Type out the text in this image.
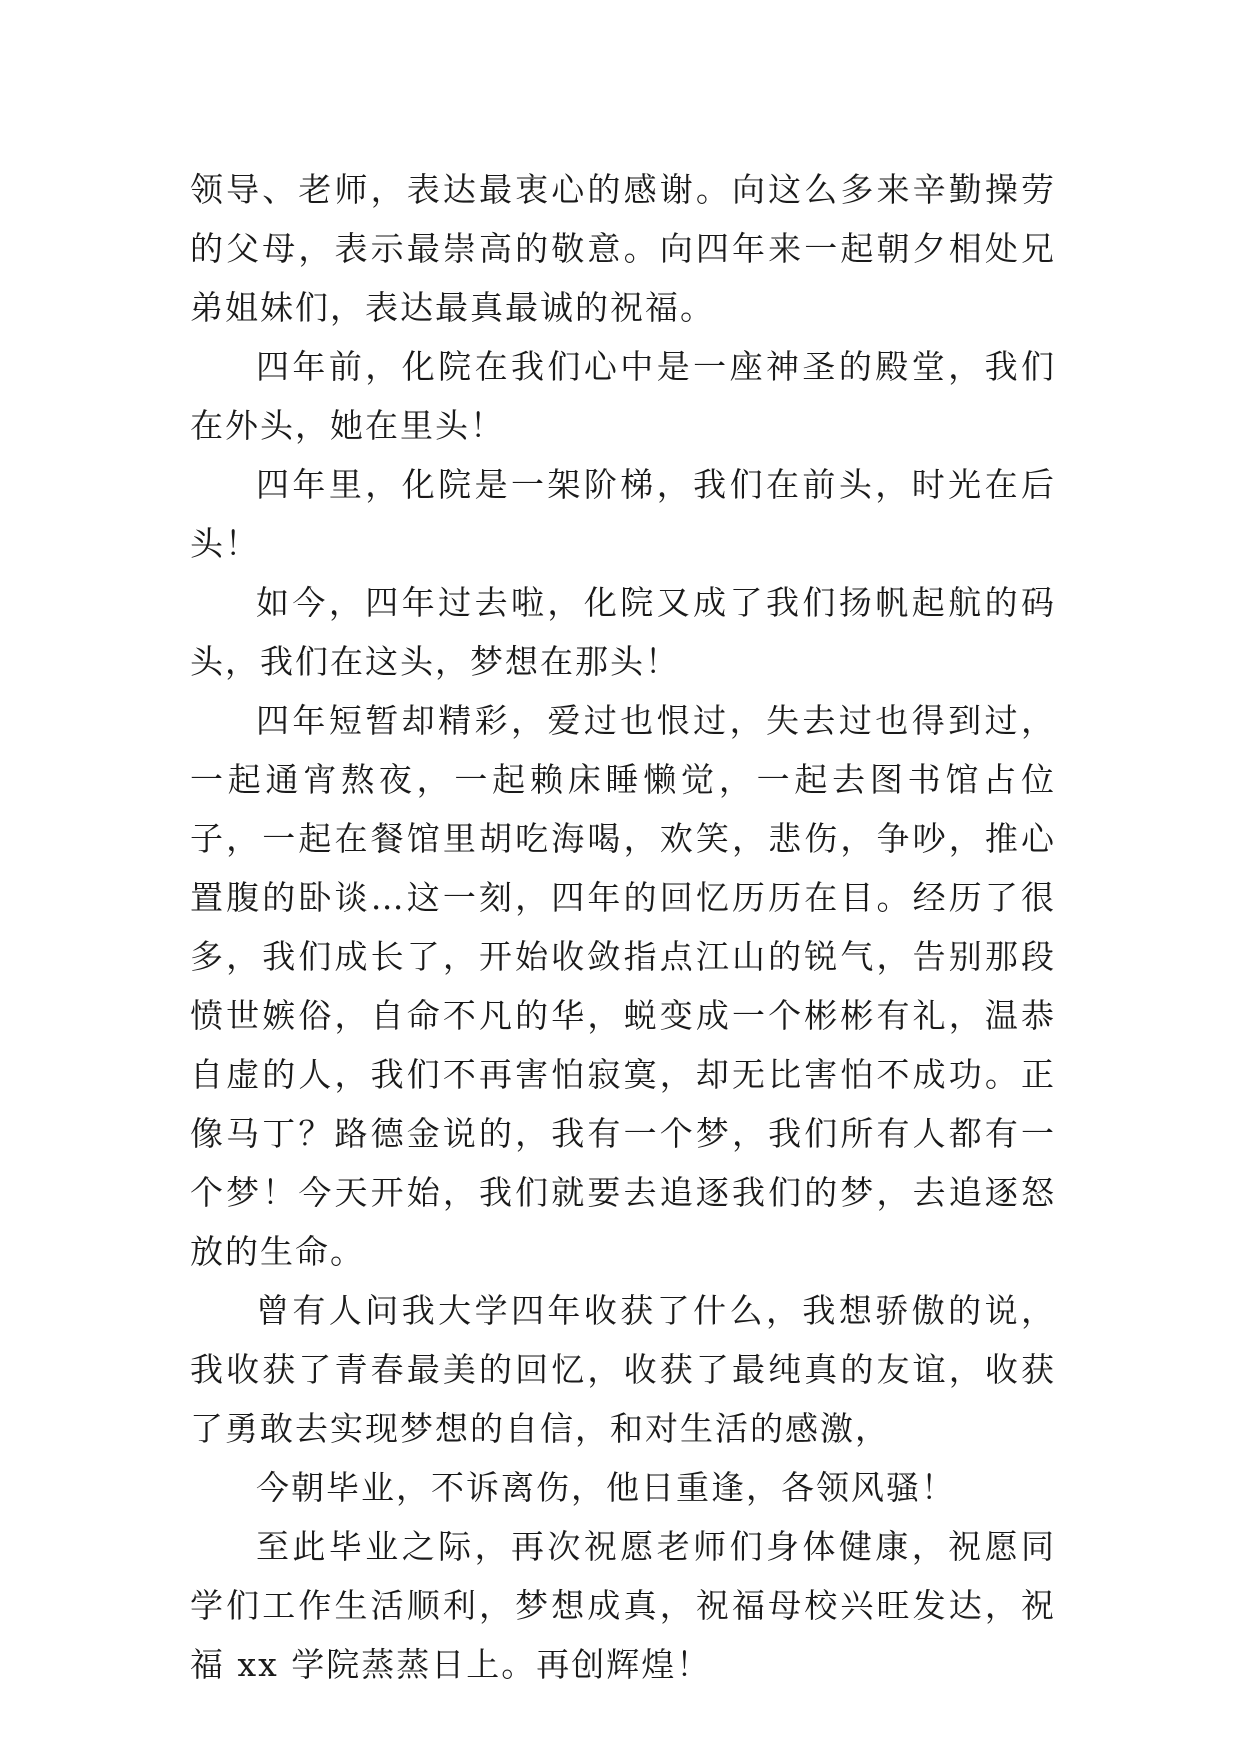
领导、老师，表达最衷心的感谢。向这么多来辛勤操劳的父母，表示最崇高的敬意。向四年来一起朝夕相处兄弟姐妹们，表达最真最诚的祝福。

四年前，化院在我们心中是一座神圣的殿堂，我们在外头，她在里头！

四年里，化院是一架阶梯，我们在前头，时光在后头！

如今，四年过去啦，化院又成了我们扬帆起航的码头，我们在这头，梦想在那头！

四年短暂却精彩，爱过也恨过，失去过也得到过，一起通宵熬夜，一起赖床睡懒觉，一起去图书馆占位子，一起在餐馆里胡吃海喝，欢笑，悲伤，争吵，推心置腹的卧谈…这一刻，四年的回忆历历在目。经历了很多，我们成长了，开始收敛指点江山的锐气，告别那段愤世嫉俗，自命不凡的华，蜕变成一个彬彬有礼，温恭自虚的人，我们不再害怕寂寞，却无比害怕不成功。正像马丁？路德金说的，我有一个梦，我们所有人都有一个梦！今天开始，我们就要去追逐我们的梦，去追逐怒放的生命。

曾有人问我大学四年收获了什么，我想骄傲的说，我收获了青春最美的回忆，收获了最纯真的友谊，收获了勇敢去实现梦想的自信，和对生活的感激，

今朝毕业，不诉离伤，他日重逢，各领风骚！

至此毕业之际，再次祝愿老师们身体健康，祝愿同学们工作生活顺利，梦想成真，祝福母校兴旺发达，祝福 xx 学院蒸蒸日上。再创辉煌！
